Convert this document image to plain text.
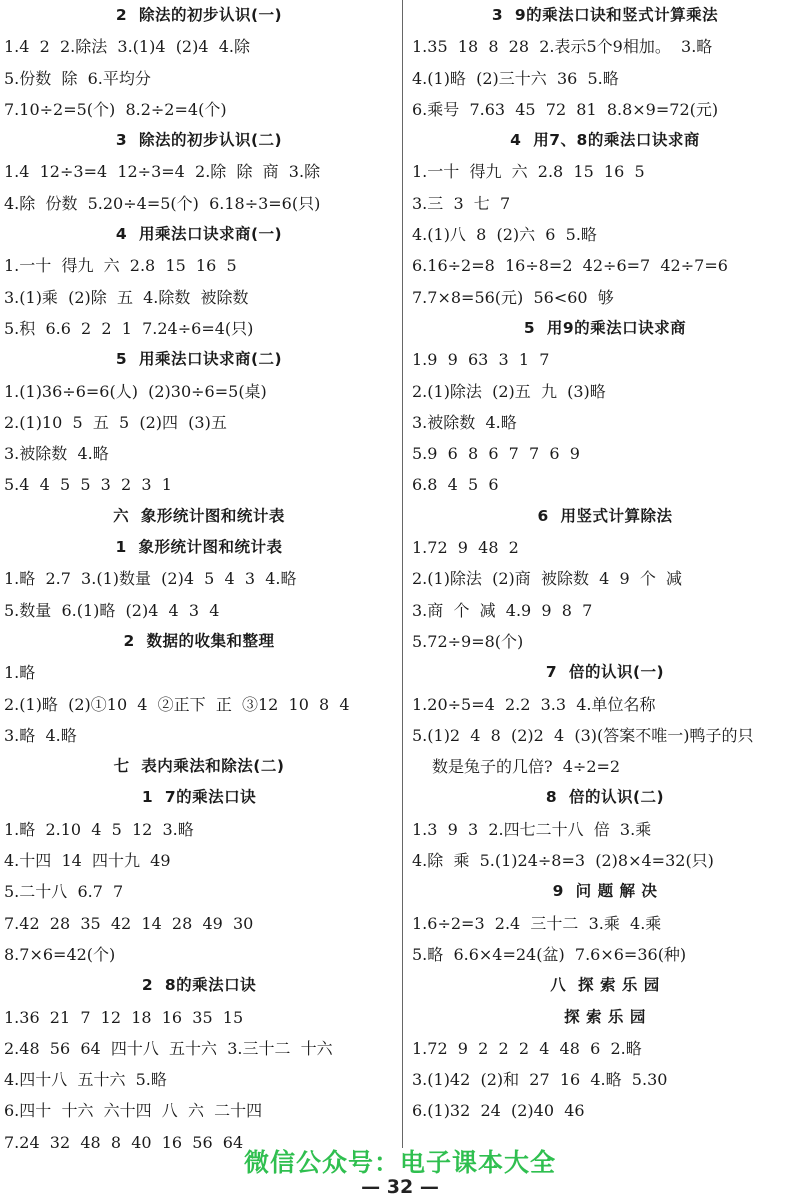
2  除法的初步认识(一)
1.4  2  2.除法  3.(1)4  (2)4  4.除
5.份数  除  6.平均分
7.10÷2=5(个)  8.2÷2=4(个)
3  除法的初步认识(二)
1.4  12÷3=4  12÷3=4  2.除  除  商  3.除
4.除  份数  5.20÷4=5(个)  6.18÷3=6(只)
4  用乘法口诀求商(一)
1.一十  得九  六  2.8  15  16  5
3.(1)乘  (2)除  五  4.除数  被除数
5.积  6.6  2  2  1  7.24÷6=4(只)
5  用乘法口诀求商(二)
1.(1)36÷6=6(人)  (2)30÷6=5(桌)
2.(1)10  5  五  5  (2)四  (3)五
3.被除数  4.略
5.4  4  5  5  3  2  3  1
六  象形统计图和统计表
1  象形统计图和统计表
1.略  2.7  3.(1)数量  (2)4  5  4  3  4.略
5.数量  6.(1)略  (2)4  4  3  4
2  数据的收集和整理
1.略
2.(1)略  (2)①10  4  ②正下  正  ③12  10  8  4
3.略  4.略
七  表内乘法和除法(二)
1  7的乘法口诀
1.略  2.10  4  5  12  3.略
4.十四  14  四十九  49
5.二十八  6.7  7
7.42  28  35  42  14  28  49  30
8.7×6=42(个)
2  8的乘法口诀
1.36  21  7  12  18  16  35  15
2.48  56  64  四十八  五十六  3.三十二  十六
4.四十八  五十六  5.略
6.四十  十六  六十四  八  六  二十四
7.24  32  48  8  40  16  56  64
3  9的乘法口诀和竖式计算乘法
1.35  18  8  28  2.表示5个9相加。  3.略
4.(1)略  (2)三十六  36  5.略
6.乘号  7.63  45  72  81  8.8×9=72(元)
4  用7、8的乘法口诀求商
1.一十  得九  六  2.8  15  16  5
3.三  3  七  7
4.(1)八  8  (2)六  6  5.略
6.16÷2=8  16÷8=2  42÷6=7  42÷7=6
7.7×8=56(元)  56<60  够
5  用9的乘法口诀求商
1.9  9  63  3  1  7
2.(1)除法  (2)五  九  (3)略
3.被除数  4.略
5.9  6  8  6  7  7  6  9
6.8  4  5  6
6  用竖式计算除法
1.72  9  48  2
2.(1)除法  (2)商  被除数  4  9  个  减
3.商  个  减  4.9  9  8  7
5.72÷9=8(个)
7  倍的认识(一)
1.20÷5=4  2.2  3.3  4.单位名称
5.(1)2  4  8  (2)2  4  (3)(答案不唯一)鸭子的只
数是兔子的几倍?  4÷2=2
8  倍的认识(二)
1.3  9  3  2.四七二十八  倍  3.乘
4.除  乘  5.(1)24÷8=3  (2)8×4=32(只)
9  问 题 解 决
1.6÷2=3  2.4  三十二  3.乘  4.乘
5.略  6.6×4=24(盆)  7.6×6=36(种)
八  探 索 乐 园
探 索 乐 园
1.72  9  2  2  2  4  48  6  2.略
3.(1)42  (2)和  27  16  4.略  5.30
6.(1)32  24  (2)40  46
微信公众号：电子课本大全
— 32 —
